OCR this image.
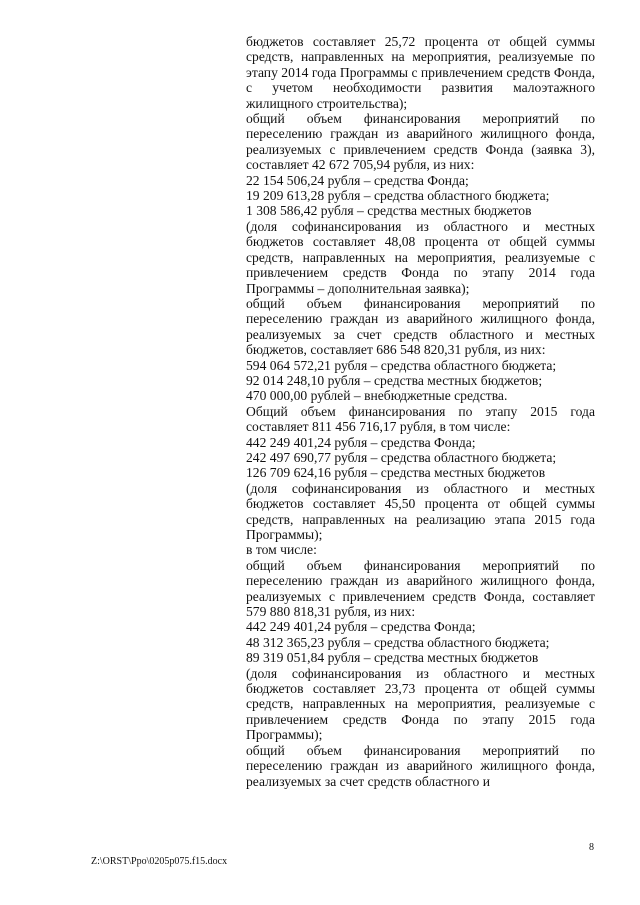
бюджетов составляет 25,72 процента от общей суммы средств, направленных на мероприятия, реализуемые по этапу 2014 года Программы с привлечением средств Фонда, с учетом необходимости развития малоэтажного жилищного строительства);

общий объем финансирования мероприятий по переселению граждан из аварийного жилищного фонда, реализуемых с привлечением средств Фонда (заявка 3), составляет 42 672 705,94 рубля, из них:

22 154 506,24 рубля – средства Фонда;

19 209 613,28 рубля – средства областного бюджета;

1 308 586,42 рубля – средства местных бюджетов

(доля софинансирования из областного и местных бюджетов составляет 48,08 процента от общей суммы средств, направленных на мероприятия, реализуемые с привлечением средств Фонда по этапу 2014 года Программы – дополнительная заявка);

общий объем финансирования мероприятий по переселению граждан из аварийного жилищного фонда, реализуемых за счет средств областного и местных бюджетов, составляет 686 548 820,31 рубля, из них:

594 064 572,21 рубля – средства областного бюджета;

92 014 248,10 рубля – средства местных бюджетов;

470 000,00 рублей – внебюджетные средства.

Общий объем финансирования по этапу 2015 года составляет 811 456 716,17 рубля, в том числе:

442 249 401,24 рубля – средства Фонда;

242 497 690,77 рубля – средства областного бюджета;

126 709 624,16 рубля – средства местных бюджетов

(доля софинансирования из областного и местных бюджетов составляет 45,50 процента от общей суммы средств, направленных на реализацию этапа 2015 года Программы);

в том числе:

общий объем финансирования мероприятий по переселению граждан из аварийного жилищного фонда, реализуемых с привлечением средств Фонда, составляет 579 880 818,31 рубля, из них:

442 249 401,24 рубля – средства Фонда;

48 312 365,23 рубля – средства областного бюджета;

89 319 051,84 рубля – средства местных бюджетов

(доля софинансирования из областного и местных бюджетов составляет 23,73 процента от общей суммы средств, направленных на мероприятия, реализуемые с привлечением средств Фонда по этапу 2015 года Программы);

общий объем финансирования мероприятий по переселению граждан из аварийного жилищного фонда, реализуемых за счет средств областного и

8
Z:\ORST\Ppo\0205p075.f15.docx
